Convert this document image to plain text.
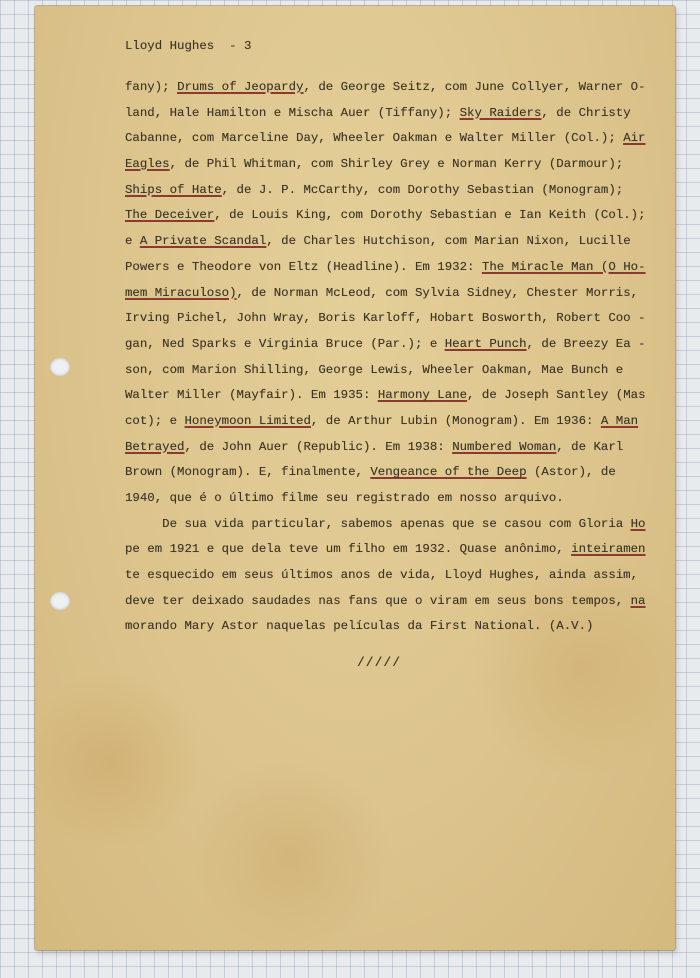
Lloyd Hughes  - 3
fany); Drums of Jeopardy, de George Seitz, com June Collyer, Warner O-
land, Hale Hamilton e Mischa Auer (Tiffany); Sky Raiders, de Christy
Cabanne, com Marceline Day, Wheeler Oakman e Walter Miller (Col.); Air
Eagles, de Phil Whitman, com Shirley Grey e Norman Kerry (Darmour);
Ships of Hate, de J. P. McCarthy, com Dorothy Sebastian (Monogram);
The Deceiver, de Louis King, com Dorothy Sebastian e Ian Keith (Col.);
e A Private Scandal, de Charles Hutchison, com Marian Nixon, Lucille
Powers e Theodore von Eltz (Headline). Em 1932: The Miracle Man (O Ho-
mem Miraculoso), de Norman McLeod, com Sylvia Sidney, Chester Morris,
Irving Pichel, John Wray, Boris Karloff, Hobart Bosworth, Robert Coo -
gan, Ned Sparks e Virginia Bruce (Par.); e Heart Punch, de Breezy Ea -
son, com Marion Shilling, George Lewis, Wheeler Oakman, Mae Bunch e
Walter Miller (Mayfair). Em 1935: Harmony Lane, de Joseph Santley (Mas
cot); e Honeymoon Limited, de Arthur Lubin (Monogram). Em 1936: A Man
Betrayed, de John Auer (Republic). Em 1938: Numbered Woman, de Karl
Brown (Monogram). E, finalmente, Vengeance of the Deep (Astor), de
1940, que é o último filme seu registrado em nosso arquivo.
De sua vida particular, sabemos apenas que se casou com Gloria Ho
pe em 1921 e que dela teve um filho em 1932. Quase anônimo, inteiramen
te esquecido em seus últimos anos de vida, Lloyd Hughes, ainda assim,
deve ter deixado saudades nas fans que o viram em seus bons tempos, na
morando Mary Astor naquelas películas da First National. (A.V.)
/////
